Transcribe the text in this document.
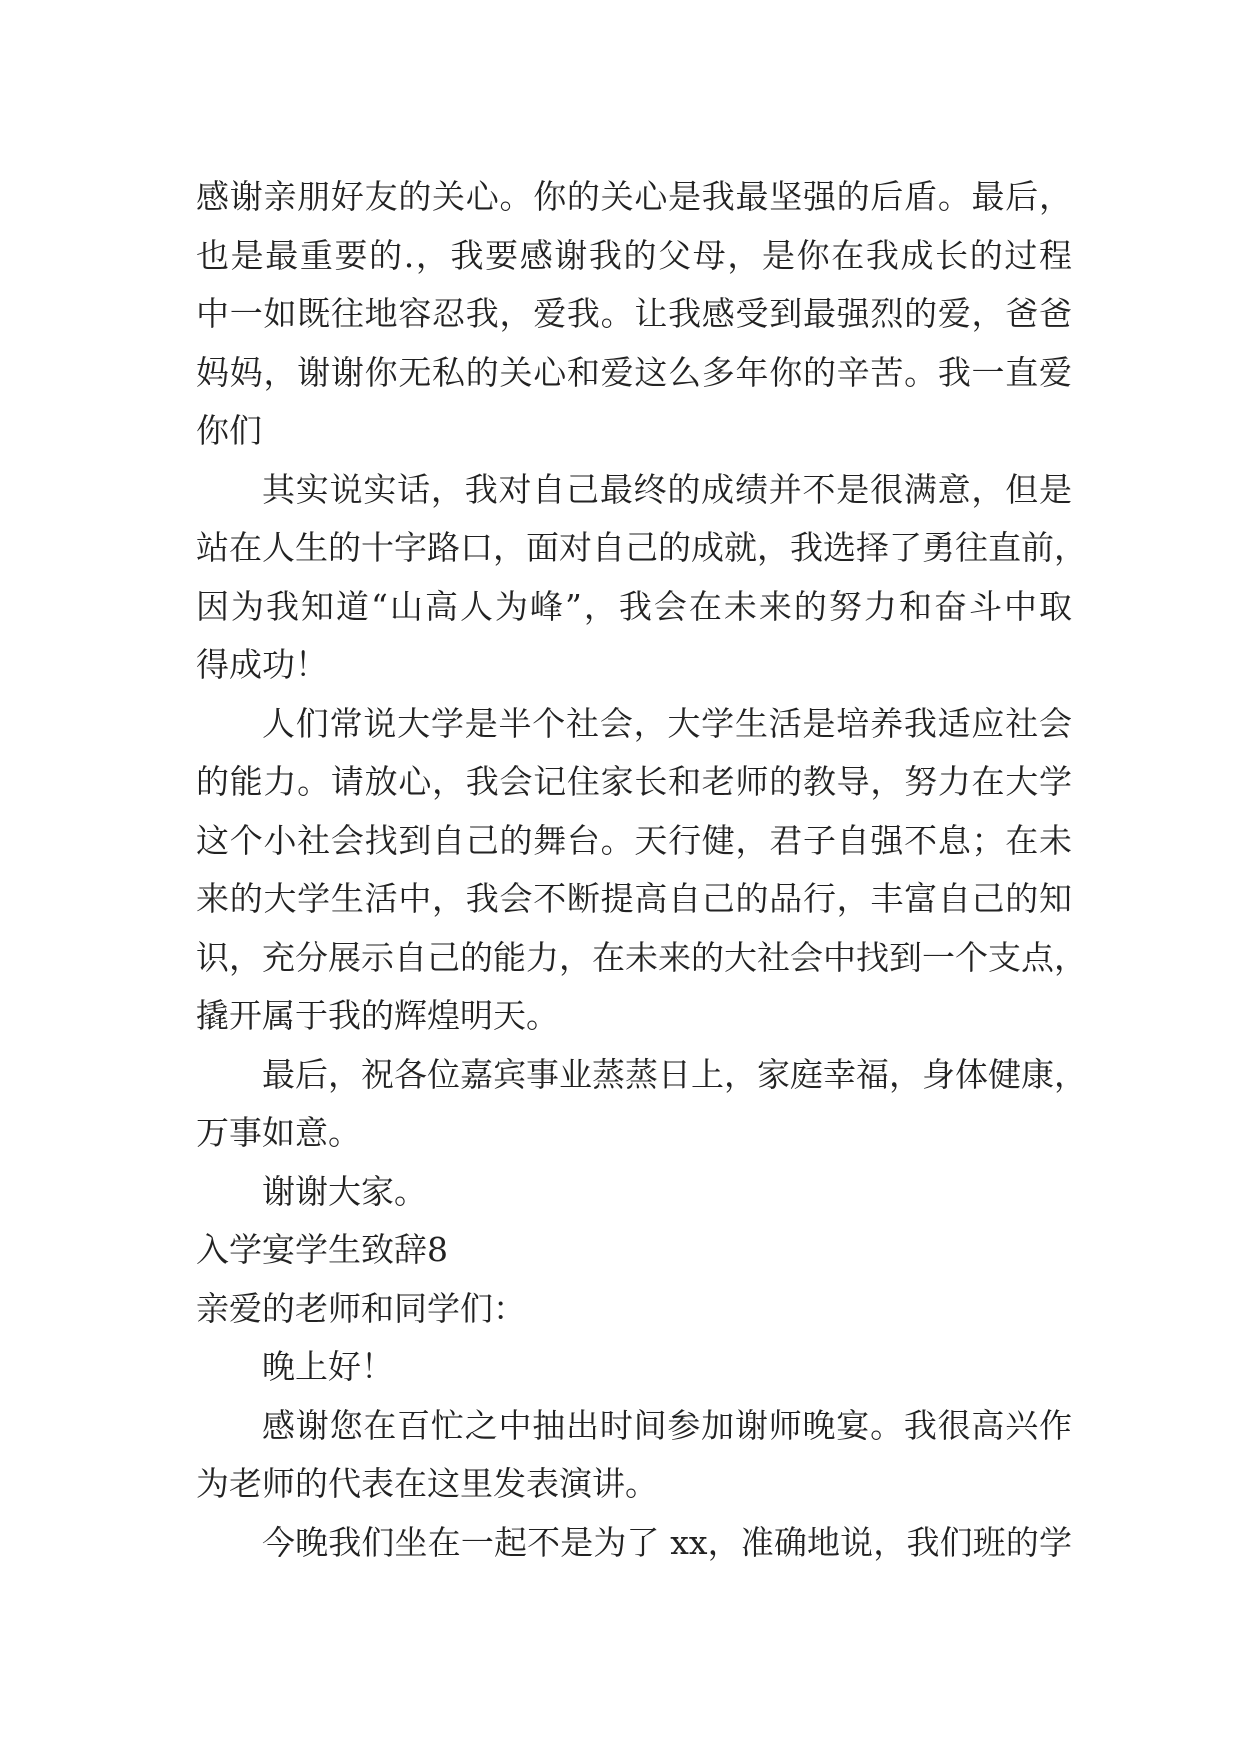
感谢亲朋好友的关心。你的关心是我最坚强的后盾。最后，
也是最重要的.，我要感谢我的父母，是你在我成长的过程
中一如既往地容忍我，爱我。让我感受到最强烈的爱，爸爸
妈妈，谢谢你无私的关心和爱这么多年你的辛苦。我一直爱
你们
其实说实话，我对自己最终的成绩并不是很满意，但是
站在人生的十字路口，面对自己的成就，我选择了勇往直前，
因为我知道“山高人为峰”，我会在未来的努力和奋斗中取
得成功！
人们常说大学是半个社会，大学生活是培养我适应社会
的能力。请放心，我会记住家长和老师的教导，努力在大学
这个小社会找到自己的舞台。天行健，君子自强不息；在未
来的大学生活中，我会不断提高自己的品行，丰富自己的知
识，充分展示自己的能力，在未来的大社会中找到一个支点，
撬开属于我的辉煌明天。
最后，祝各位嘉宾事业蒸蒸日上，家庭幸福，身体健康，
万事如意。
谢谢大家。
入学宴学生致辞8
亲爱的老师和同学们：
晚上好！
感谢您在百忙之中抽出时间参加谢师晚宴。我很高兴作
为老师的代表在这里发表演讲。
今晚我们坐在一起不是为了 xx，准确地说，我们班的学
